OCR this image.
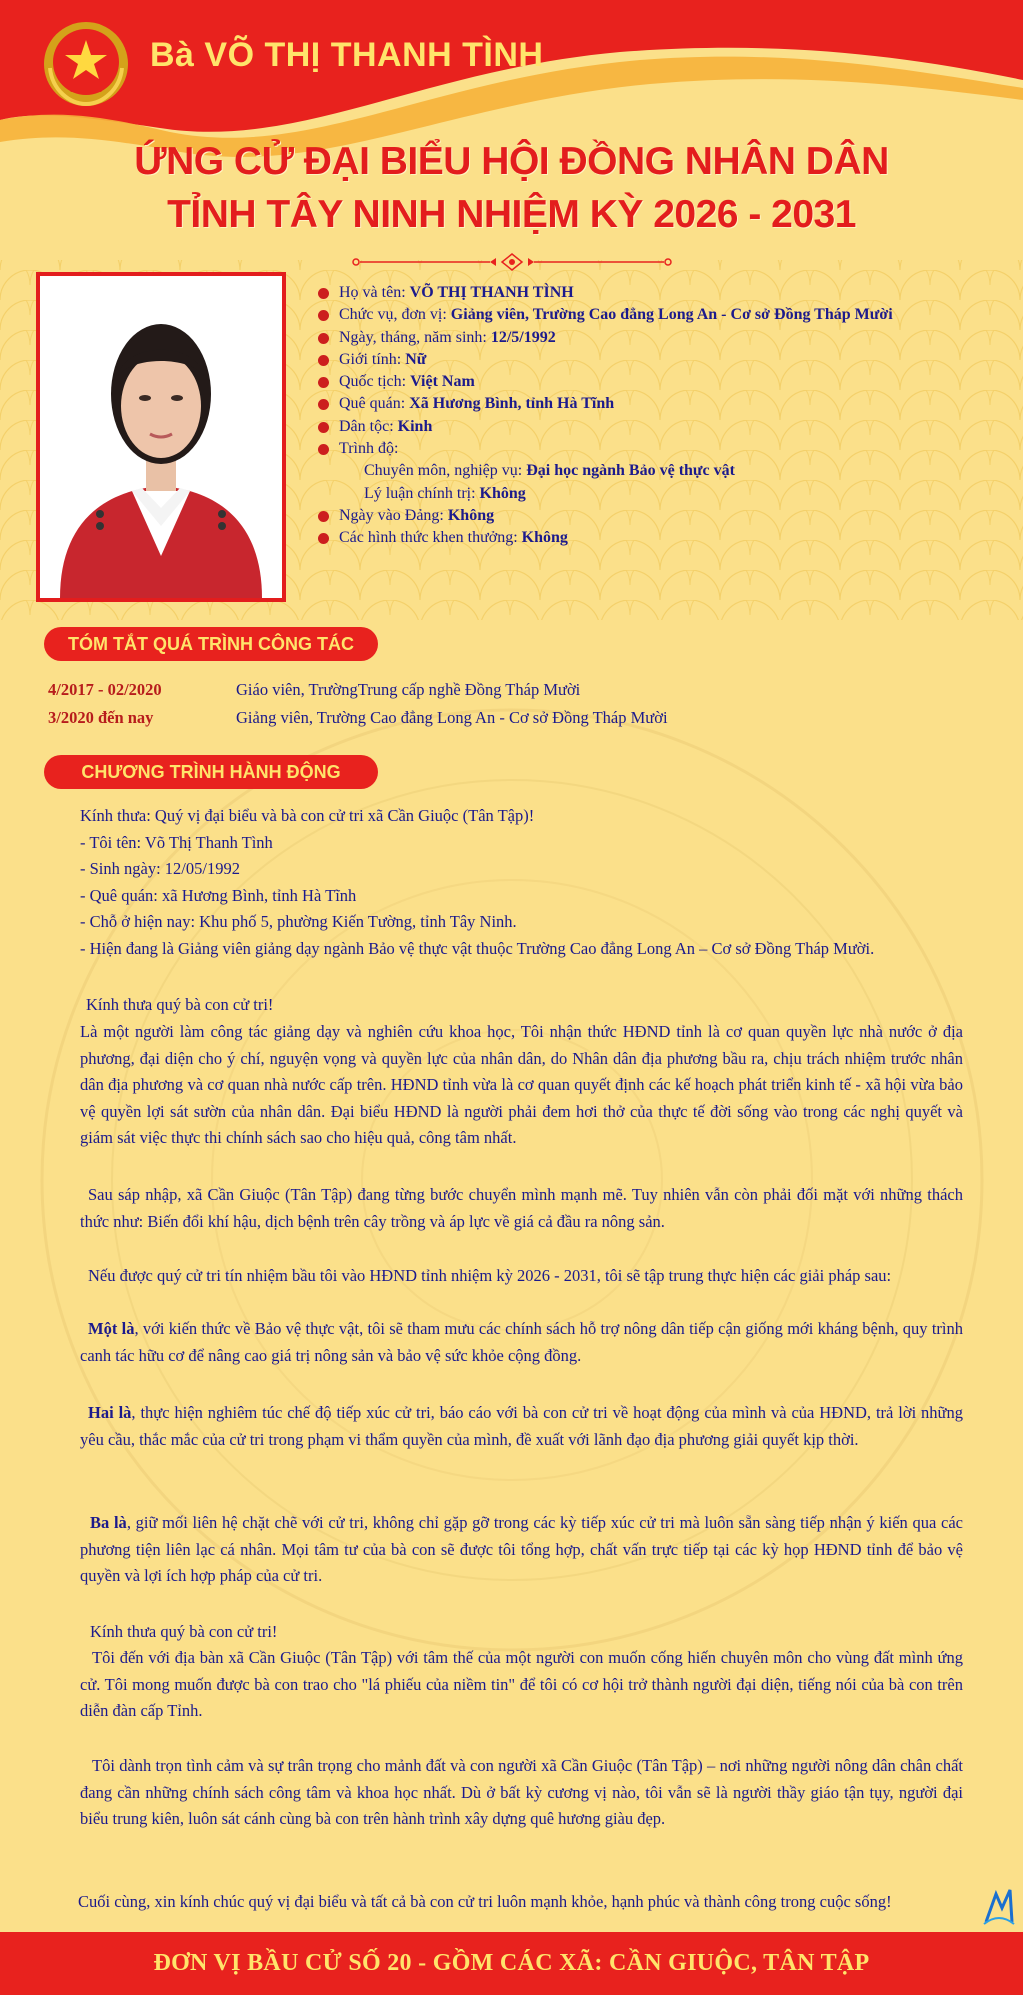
Bà VÕ THỊ THANH TÌNH
ỨNG CỬ ĐẠI BIỂU HỘI ĐỒNG NHÂN DÂN
TỈNH TÂY NINH NHIỆM KỲ 2026 - 2031
Họ và tên: VÕ THỊ THANH TÌNH
Chức vụ, đơn vị: Giảng viên, Trường Cao đẳng Long An - Cơ sở Đồng Tháp Mười
Ngày, tháng, năm sinh: 12/5/1992
Giới tính: Nữ
Quốc tịch: Việt Nam
Quê quán: Xã Hương Bình, tỉnh Hà Tĩnh
Dân tộc: Kinh
Trình độ:
Chuyên môn, nghiệp vụ: Đại học ngành Bảo vệ thực vật
Lý luận chính trị: Không
Ngày vào Đảng: Không
Các hình thức khen thưởng: Không
TÓM TẮT QUÁ TRÌNH CÔNG TÁC
4/2017 - 02/2020	Giáo viên, TrườngTrung cấp nghề Đồng Tháp Mười
3/2020 đến nay	Giảng viên, Trường Cao đẳng Long An - Cơ sở Đồng Tháp Mười
CHƯƠNG TRÌNH HÀNH ĐỘNG

Kính thưa: Quý vị đại biểu và bà con cử tri xã Cần Giuộc (Tân Tập)!

- Tôi tên: Võ Thị Thanh Tình

- Sinh ngày: 12/05/1992

- Quê quán: xã Hương Bình, tỉnh Hà Tĩnh

- Chỗ ở hiện nay: Khu phố 5, phường Kiến Tường, tỉnh Tây Ninh.

- Hiện đang là Giảng viên giảng dạy ngành Bảo vệ thực vật thuộc Trường Cao đẳng Long An – Cơ sở Đồng Tháp Mười.

Kính thưa quý bà con cử tri!

Là một người làm công tác giảng dạy và nghiên cứu khoa học, Tôi nhận thức HĐND tỉnh là cơ quan quyền lực nhà nước ở địa phương, đại diện cho ý chí, nguyện vọng và quyền lực của nhân dân, do Nhân dân địa phương bầu ra, chịu trách nhiệm trước nhân dân địa phương và cơ quan nhà nước cấp trên. HĐND tỉnh vừa là cơ quan quyết định các kế hoạch phát triển kinh tế - xã hội vừa bảo vệ quyền lợi sát sườn của nhân dân. Đại biểu HĐND là người phải đem hơi thở của thực tế đời sống vào trong các nghị quyết và giám sát việc thực thi chính sách sao cho hiệu quả, công tâm nhất.

Sau sáp nhập, xã Cần Giuộc (Tân Tập) đang từng bước chuyển mình mạnh mẽ. Tuy nhiên vẫn còn phải đối mặt với những thách thức như: Biến đổi khí hậu, dịch bệnh trên cây trồng và áp lực về giá cả đầu ra nông sản.

Nếu được quý cử tri tín nhiệm bầu tôi vào HĐND tỉnh nhiệm kỳ 2026 - 2031, tôi sẽ tập trung thực hiện các giải pháp sau:

Một là, với kiến thức về Bảo vệ thực vật, tôi sẽ tham mưu các chính sách hỗ trợ nông dân tiếp cận giống mới kháng bệnh, quy trình canh tác hữu cơ để nâng cao giá trị nông sản và bảo vệ sức khỏe cộng đồng.

Hai là, thực hiện nghiêm túc chế độ tiếp xúc cử tri, báo cáo với bà con cử tri về hoạt động của mình và của HĐND, trả lời những yêu cầu, thắc mắc của cử tri trong phạm vi thẩm quyền của mình, đề xuất với lãnh đạo địa phương giải quyết kịp thời.

Ba là, giữ mối liên hệ chặt chẽ với cử tri, không chỉ gặp gỡ trong các kỳ tiếp xúc cử tri mà luôn sẵn sàng tiếp nhận ý kiến qua các phương tiện liên lạc cá nhân. Mọi tâm tư của bà con sẽ được tôi tổng hợp, chất vấn trực tiếp tại các kỳ họp HĐND tỉnh để bảo vệ quyền và lợi ích hợp pháp của cử tri.

Kính thưa quý bà con cử tri!

Tôi đến với địa bàn xã Cần Giuộc (Tân Tập) với tâm thế của một người con muốn cống hiến chuyên môn cho vùng đất mình ứng cử. Tôi mong muốn được bà con trao cho "lá phiếu của niềm tin" để tôi có cơ hội trở thành người đại diện, tiếng nói của bà con trên diễn đàn cấp Tỉnh.

Tôi dành trọn tình cảm và sự trân trọng cho mảnh đất và con người xã Cần Giuộc (Tân Tập) – nơi những người nông dân chân chất đang cần những chính sách công tâm và khoa học nhất. Dù ở bất kỳ cương vị nào, tôi vẫn sẽ là người thầy giáo tận tụy, người đại biểu trung kiên, luôn sát cánh cùng bà con trên hành trình xây dựng quê hương giàu đẹp.

Cuối cùng, xin kính chúc quý vị đại biểu và tất cả bà con cử tri luôn mạnh khỏe, hạnh phúc và thành công trong cuộc sống!
ĐƠN VỊ BẦU CỬ SỐ 20 - GỒM CÁC XÃ: CẦN GIUỘC, TÂN TẬP
